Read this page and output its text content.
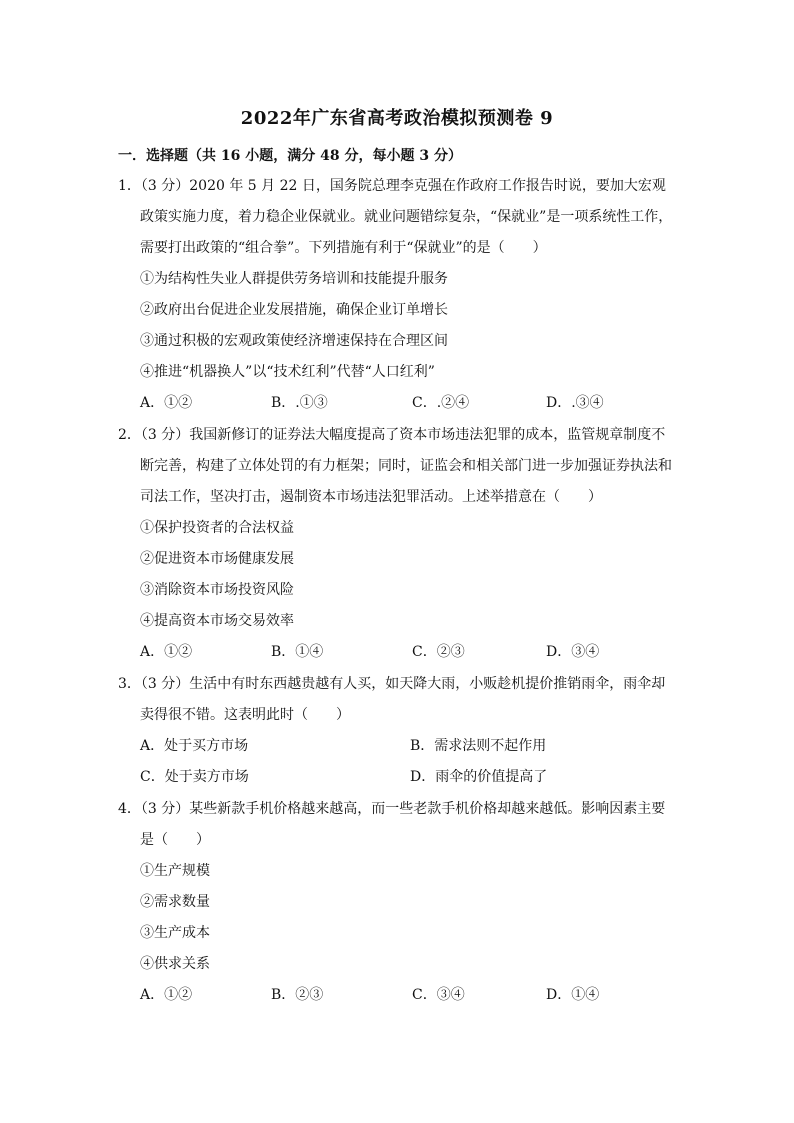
2022年广东省高考政治模拟预测卷 9
一．选择题（共 16 小题，满分 48 分，每小题 3 分）
1．（3 分）2020 年 5 月 22 日，国务院总理李克强在作政府工作报告时说，要加大宏观政策实施力度，着力稳企业保就业。就业问题错综复杂，“保就业”是一项系统性工作，需要打出政策的“组合拳”。下列措施有利于“保就业”的是（　　）
①为结构性失业人群提供劳务培训和技能提升服务
②政府出台促进企业发展措施，确保企业订单增长
③通过积极的宏观政策使经济增速保持在合理区间
④推进“机器换人”以“技术红利”代替“人口红利”
A．①②	B．.①③	C．.②④	D．.③④
2．（3 分）我国新修订的证券法大幅度提高了资本市场违法犯罪的成本，监管规章制度不断完善，构建了立体处罚的有力框架；同时，证监会和相关部门进一步加强证券执法和司法工作，坚决打击，遏制资本市场违法犯罪活动。上述举措意在（　　）
①保护投资者的合法权益
②促进资本市场健康发展
③消除资本市场投资风险
④提高资本市场交易效率
A．①②	B．①④	C．②③	D．③④
3．（3 分）生活中有时东西越贵越有人买，如天降大雨，小贩趁机提价推销雨伞，雨伞却卖得很不错。这表明此时（　　）
A．处于买方市场	B．需求法则不起作用
C．处于卖方市场	D．雨伞的价值提高了
4．（3 分）某些新款手机价格越来越高，而一些老款手机价格却越来越低。影响因素主要是（　　）
①生产规模
②需求数量
③生产成本
④供求关系
A．①②	B．②③	C．③④	D．①④
